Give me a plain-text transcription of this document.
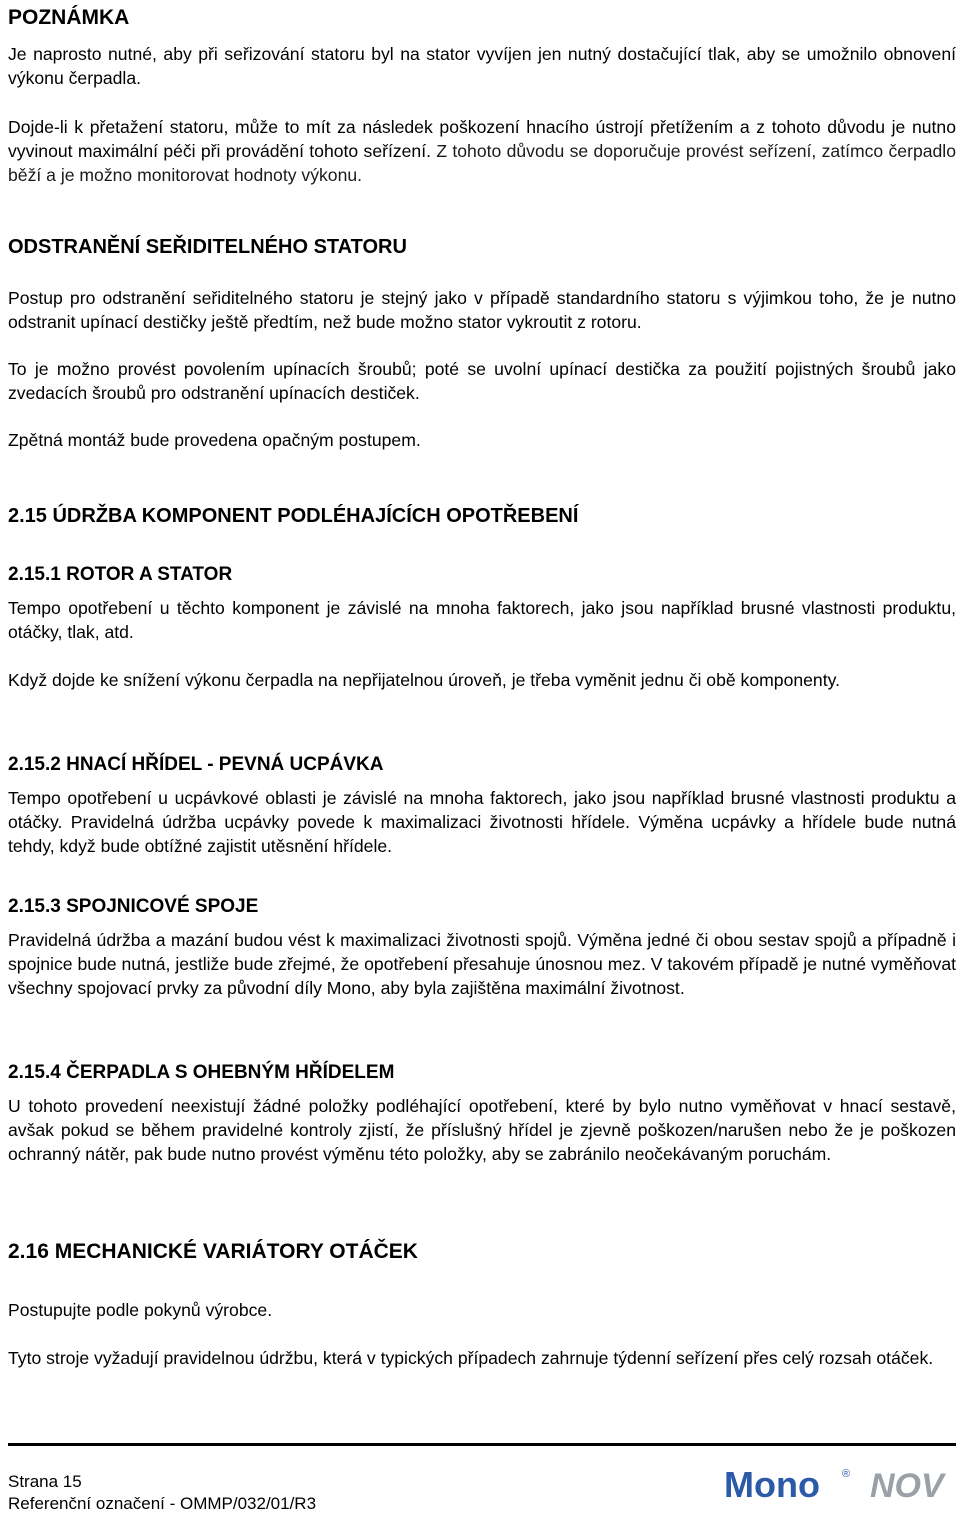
POZNÁMKA

Je naprosto nutné, aby při seřizování statoru byl na stator vyvíjen jen nutný dostačující tlak, aby se umožnilo obnovení výkonu čerpadla.

Dojde-li k přetažení statoru, může to mít za následek poškození hnacího ústrojí přetížením a z tohoto důvodu je nutno vyvinout maximální péči při provádění tohoto seřízení. Z tohoto důvodu se doporučuje provést seřízení, zatímco čerpadlo běží a je možno monitorovat hodnoty výkonu.

ODSTRANĚNÍ SEŘIDITELNÉHO STATORU

Postup pro odstranění seřiditelného statoru je stejný jako v případě standardního statoru s výjimkou toho, že je nutno odstranit upínací destičky ještě předtím, než bude možno stator vykroutit z rotoru.

To je možno provést povolením upínacích šroubů; poté se uvolní upínací destička za použití pojistných šroubů jako zvedacích šroubů pro odstranění upínacích destiček.

Zpětná montáž bude provedena opačným postupem.

2.15 ÚDRŽBA KOMPONENT PODLÉHAJÍCÍCH OPOTŘEBENÍ
2.15.1 ROTOR A STATOR

Tempo opotřebení u těchto komponent je závislé na mnoha faktorech, jako jsou například brusné vlastnosti produktu, otáčky, tlak, atd.

Když dojde ke snížení výkonu čerpadla na nepřijatelnou úroveň, je třeba vyměnit jednu či obě komponenty.

2.15.2 HNACÍ HŘÍDEL - PEVNÁ UCPÁVKA

Tempo opotřebení u ucpávkové oblasti je závislé na mnoha faktorech, jako jsou například brusné vlastnosti produktu a otáčky. Pravidelná údržba ucpávky povede k maximalizaci životnosti hřídele. Výměna ucpávky a hřídele bude nutná tehdy, když bude obtížné zajistit utěsnění hřídele.

2.15.3 SPOJNICOVÉ SPOJE

Pravidelná údržba a mazání budou vést k maximalizaci životnosti spojů. Výměna jedné či obou sestav spojů a případně i spojnice bude nutná, jestliže bude zřejmé, že opotřebení přesahuje únosnou mez. V takovém případě je nutné vyměňovat všechny spojovací prvky za původní díly Mono, aby byla zajištěna maximální životnost.

2.15.4 ČERPADLA S OHEBNÝM HŘÍDELEM

U tohoto provedení neexistují žádné položky podléhající opotřebení, které by bylo nutno vyměňovat v hnací sestavě, avšak pokud se během pravidelné kontroly zjistí, že příslušný hřídel je zjevně poškozen/narušen nebo že je poškozen ochranný nátěr, pak bude nutno provést výměnu této položky, aby se zabránilo neočekávaným poruchám.

2.16 MECHANICKÉ VARIÁTORY OTÁČEK

Postupujte podle pokynů výrobce.

Tyto stroje vyžadují pravidelnou údržbu, která v typických případech zahrnuje týdenní seřízení přes celý rozsah otáček.

Strana 15
Referenční označení - OMMP/032/01/R3	Mono ® NOV
